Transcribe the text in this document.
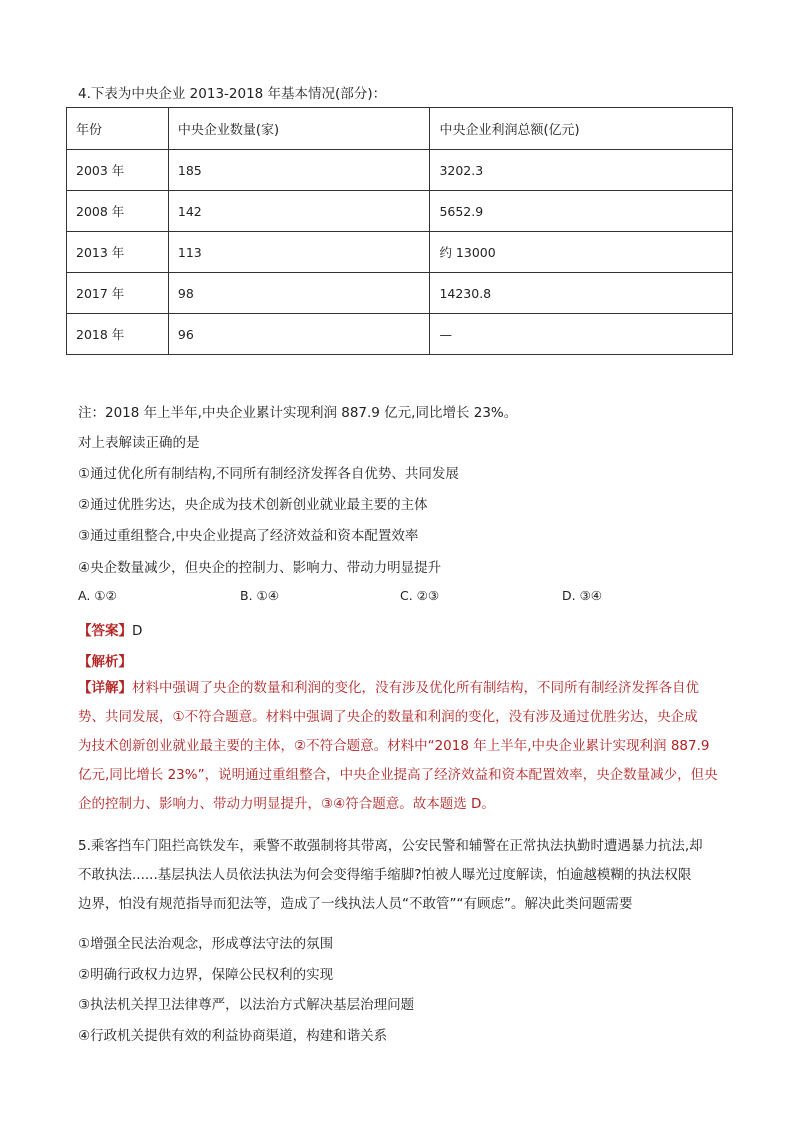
4.下表为中央企业 2013-2018 年基本情况(部分)：
年份	中央企业数量(家)	中央企业利润总额(亿元)
2003 年	185	3202.3
2008 年	142	5652.9
2013 年	113	约 13000
2017 年	98	14230.8
2018 年	96	—
注：2018 年上半年,中央企业累计实现利润 887.9 亿元,同比增长 23%。
对上表解读正确的是
①通过优化所有制结构,不同所有制经济发挥各自优势、共同发展
②通过优胜劣达，央企成为技术创新创业就业最主要的主体
③通过重组整合,中央企业提高了经济效益和资本配置效率
④央企数量减少，但央企的控制力、影响力、带动力明显提升
A. ①②	B. ①④	C. ②③	D. ③④
【答案】D
【解析】
【详解】材料中强调了央企的数量和利润的变化，没有涉及优化所有制结构，不同所有制经济发挥各自优
势、共同发展，①不符合题意。材料中强调了央企的数量和利润的变化，没有涉及通过优胜劣达，央企成
为技术创新创业就业最主要的主体，②不符合题意。材料中“2018 年上半年,中央企业累计实现利润 887.9
亿元,同比增长 23%”，说明通过重组整合，中央企业提高了经济效益和资本配置效率，央企数量减少，但央
企的控制力、影响力、带动力明显提升，③④符合题意。故本题选 D。
5.乘客挡车门阻拦高铁发车，乘警不敢强制将其带离，公安民警和辅警在正常执法执勤时遭遇暴力抗法,却
不敢执法......基层执法人员依法执法为何会变得缩手缩脚?怕被人曝光过度解读，怕逾越模糊的执法权限
边界，怕没有规范指导而犯法等，造成了一线执法人员“不敢管”“有顾虑”。解决此类问题需要
①增强全民法治观念，形成尊法守法的氛围
②明确行政权力边界，保障公民权利的实现
③执法机关捍卫法律尊严，以法治方式解决基层治理问题
④行政机关提供有效的利益协商渠道，构建和谐关系
